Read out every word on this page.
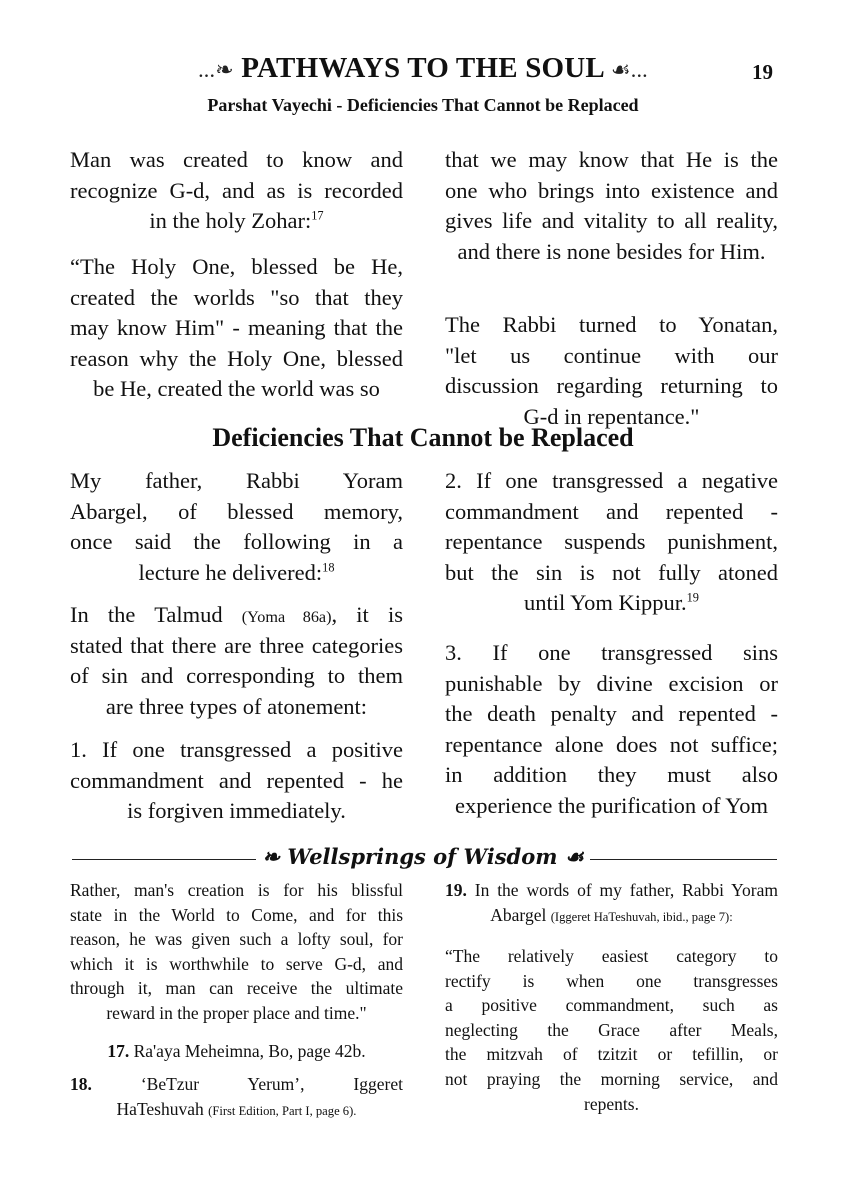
...❧ PATHWAYS TO THE SOUL ☙...	19
Parshat Vayechi - Deficiencies That Cannot be Replaced
Man was created to know and
recognize G-d, and as is recorded
in the holy Zohar:$^{17}$
“The Holy One, blessed be He,
created the worlds "so that they
may know Him" - meaning that the
reason why the Holy One, blessed
be He, created the world was so
that we may know that He is the
one who brings into existence and
gives life and vitality to all reality,
and there is none besides for Him.
The Rabbi turned to Yonatan,
"let us continue with our
discussion regarding returning to
G-d in repentance."
Deficiencies That Cannot be Replaced
My father, Rabbi Yoram
Abargel, of blessed memory,
once said the following in a
lecture he delivered:$^{18}$
In the Talmud (Yoma 86a), it is
stated that there are three categories
of sin and corresponding to them
are three types of atonement:
1. If one transgressed a positive
commandment and repented - he
is forgiven immediately.
2. If one transgressed a negative
commandment and repented -
repentance suspends punishment,
but the sin is not fully atoned
until Yom Kippur.$^{19}$
3. If one transgressed sins
punishable by divine excision or
the death penalty and repented -
repentance alone does not suffice;
in addition they must also
experience the purification of Yom
❧ Wellsprings of Wisdom ☙
Rather, man's creation is for his blissful
state in the World to Come, and for this
reason, he was given such a lofty soul, for
which it is worthwhile to serve G-d, and
through it, man can receive the ultimate
reward in the proper place and time."
17. Ra'aya Meheimna, Bo, page 42b.
18. ‘BeTzur Yerum’, Iggeret
HaTeshuvah (First Edition, Part I, page 6).
19. In the words of my father, Rabbi Yoram
Abargel (Iggeret HaTeshuvah, ibid., page 7):
“The relatively easiest category to
rectify is when one transgresses
a positive commandment, such as
neglecting the Grace after Meals,
the mitzvah of tzitzit or tefillin, or
not praying the morning service, and
repents.
